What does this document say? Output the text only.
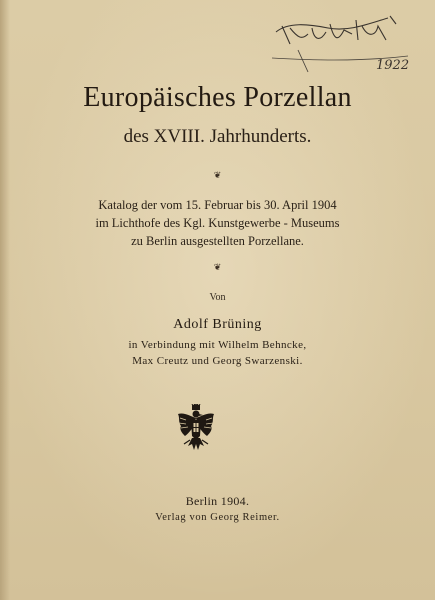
1922
Europäisches Porzellan
des XVIII. Jahrhunderts.
❦
Katalog der vom 15. Februar bis 30. April 1904
im Lichthofe des Kgl. Kunstgewerbe - Museums
zu Berlin ausgestellten Porzellane.
❦
Von
Adolf Brüning
in Verbindung mit Wilhelm Behncke,
Max Creutz und Georg Swarzenski.
Berlin 1904.
Verlag von Georg Reimer.
